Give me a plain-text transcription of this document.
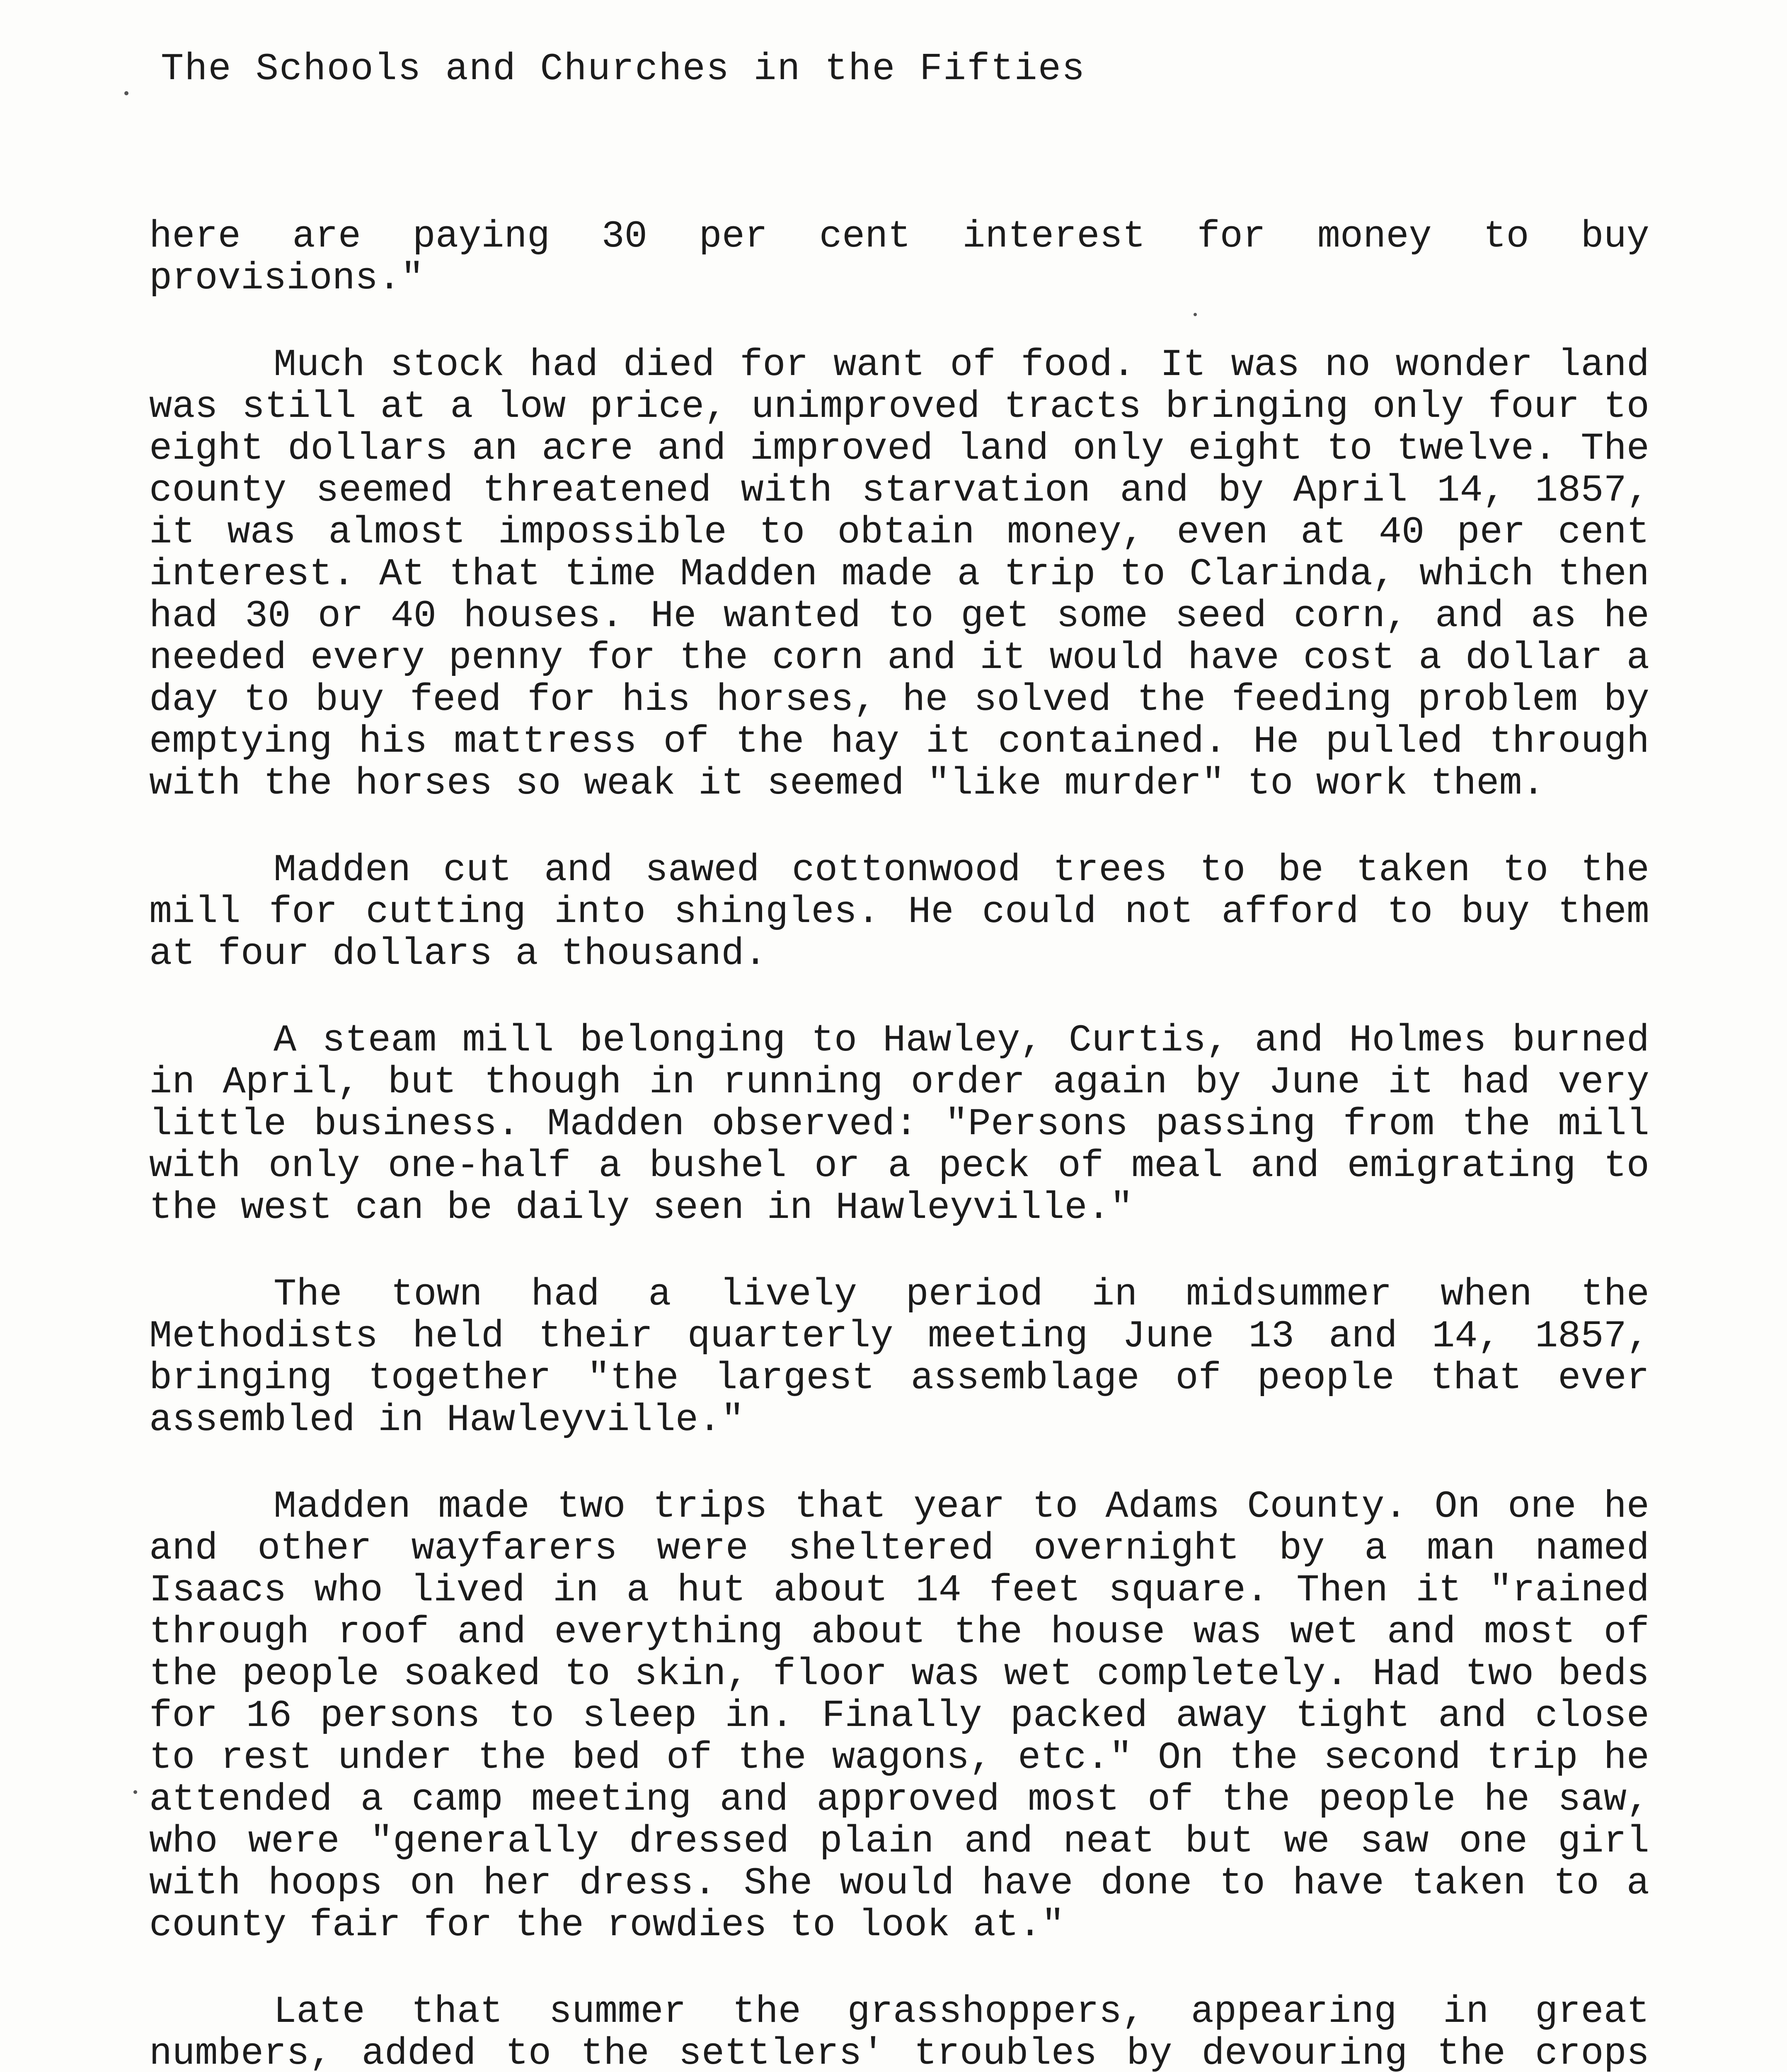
The Schools and Churches in the Fifties

here are paying 30 per cent interest for money to buy provisions."

Much stock had died for want of food. It was no wonder land was still at a low price, unimproved tracts bringing only four to eight dollars an acre and improved land only eight to twelve. The county seemed threatened with starvation and by April 14, 1857, it was almost impossible to obtain money, even at 40 per cent interest. At that time Madden made a trip to Clarinda, which then had 30 or 40 houses. He wanted to get some seed corn, and as he needed every penny for the corn and it would have cost a dollar a day to buy feed for his horses, he solved the feeding problem by emptying his mattress of the hay it contained. He pulled through with the horses so weak it seemed "like murder" to work them.

Madden cut and sawed cottonwood trees to be taken to the mill for cutting into shingles. He could not afford to buy them at four dollars a thousand.

A steam mill belonging to Hawley, Curtis, and Holmes burned in April, but though in running order again by June it had very little business. Madden observed: "Persons passing from the mill with only one-half a bushel or a peck of meal and emigrating to the west can be daily seen in Hawleyville."

The town had a lively period in midsummer when the Methodists held their quarterly meeting June 13 and 14, 1857, bringing together "the largest assemblage of people that ever assembled in Hawleyville."

Madden made two trips that year to Adams County. On one he and other wayfarers were sheltered overnight by a man named Isaacs who lived in a hut about 14 feet square. Then it "rained through roof and everything about the house was wet and most of the people soaked to skin, floor was wet completely. Had two beds for 16 persons to sleep in. Finally packed away tight and close to rest under the bed of the wagons, etc." On the second trip he attended a camp meeting and approved most of the people he saw, who were "generally dressed plain and neat but we saw one girl with hoops on her dress. She would have done to have taken to a county fair for the rowdies to look at."

Late that summer the grasshoppers, appearing in great numbers, added to the settlers' troubles by devouring the crops
